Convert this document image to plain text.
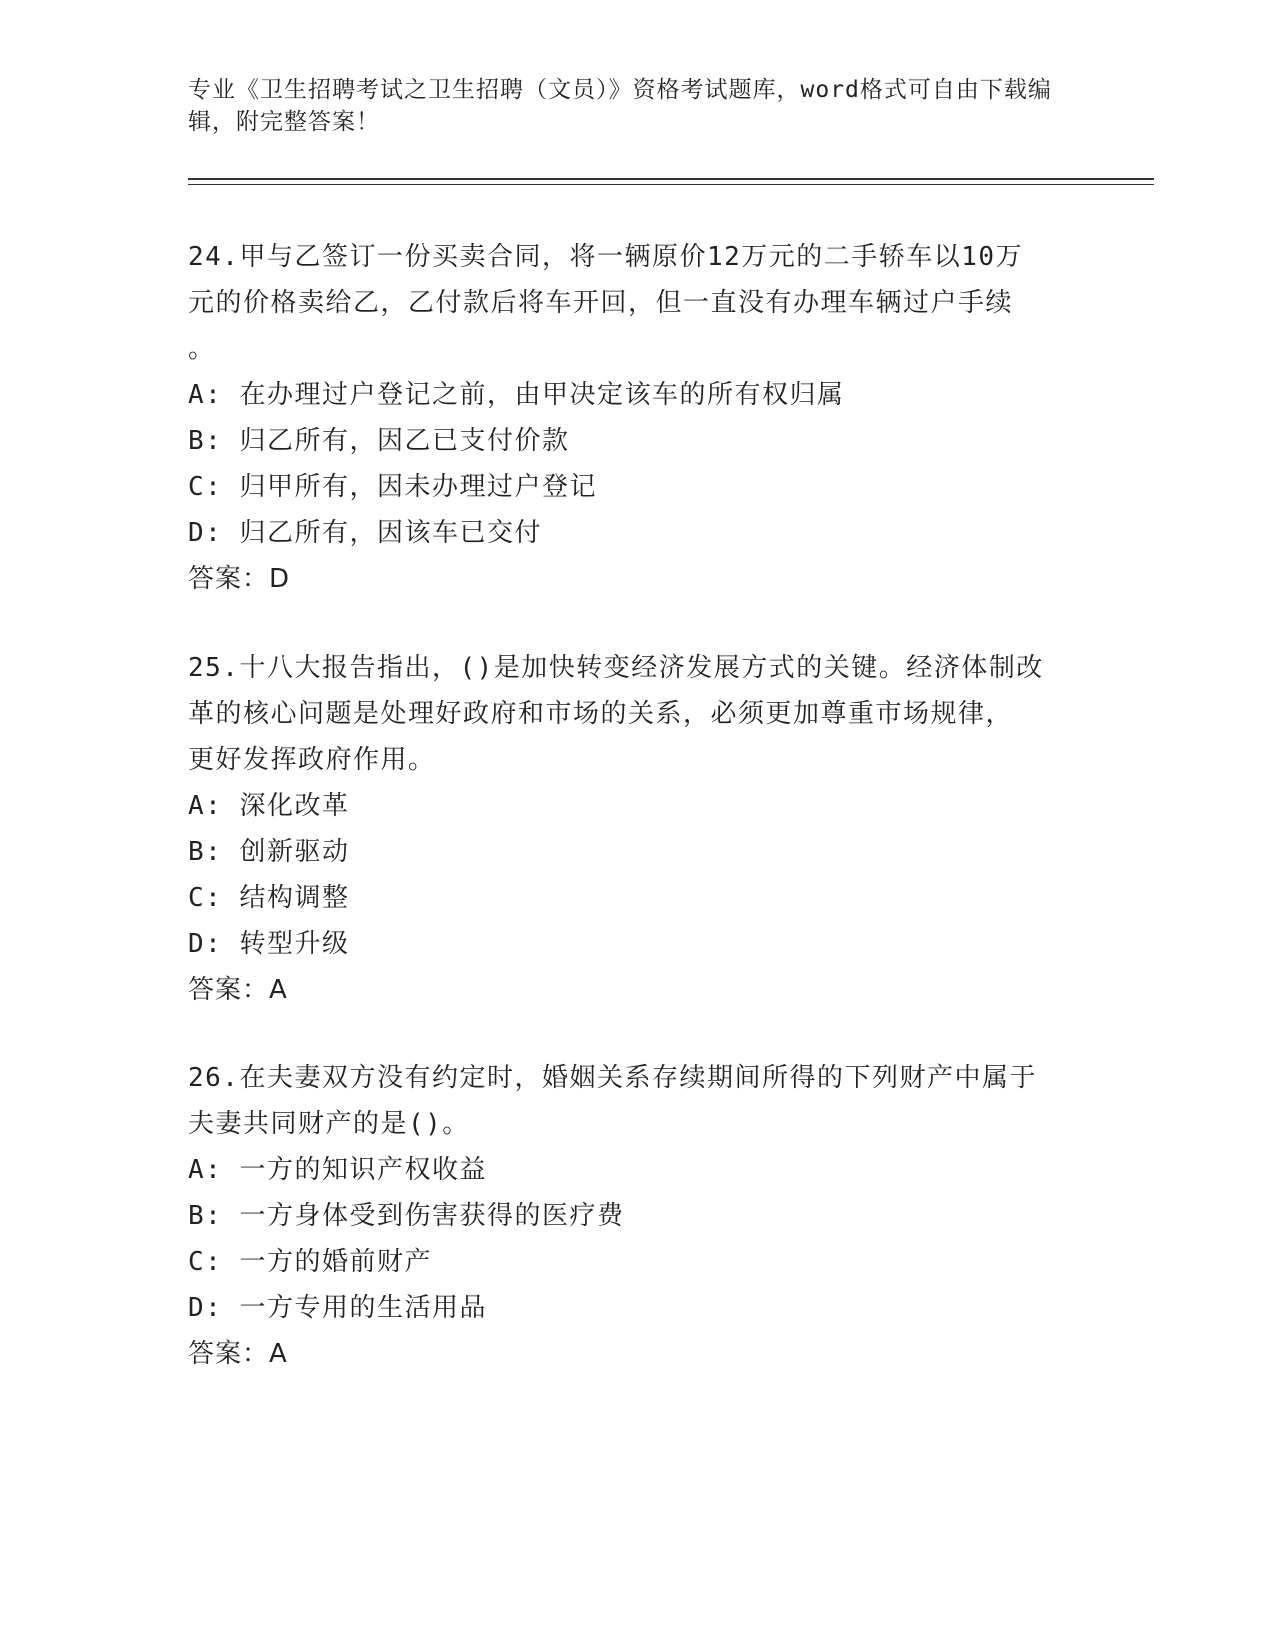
专业《卫生招聘考试之卫生招聘（文员）》资格考试题库，word格式可自由下载编辑，附完整答案！

24.甲与乙签订一份买卖合同，将一辆原价12万元的二手轿车以10万

元的价格卖给乙，乙付款后将车开回，但一直没有办理车辆过户手续

。

A: 在办理过户登记之前，由甲决定该车的所有权归属

B: 归乙所有，因乙已支付价款

C: 归甲所有，因未办理过户登记

D: 归乙所有，因该车已交付

答案：D

25.十八大报告指出，()是加快转变经济发展方式的关键。经济体制改

革的核心问题是处理好政府和市场的关系，必须更加尊重市场规律，

更好发挥政府作用。

A: 深化改革

B: 创新驱动

C: 结构调整

D: 转型升级

答案：A

26.在夫妻双方没有约定时，婚姻关系存续期间所得的下列财产中属于

夫妻共同财产的是()。

A: 一方的知识产权收益

B: 一方身体受到伤害获得的医疗费

C: 一方的婚前财产

D: 一方专用的生活用品

答案：A
